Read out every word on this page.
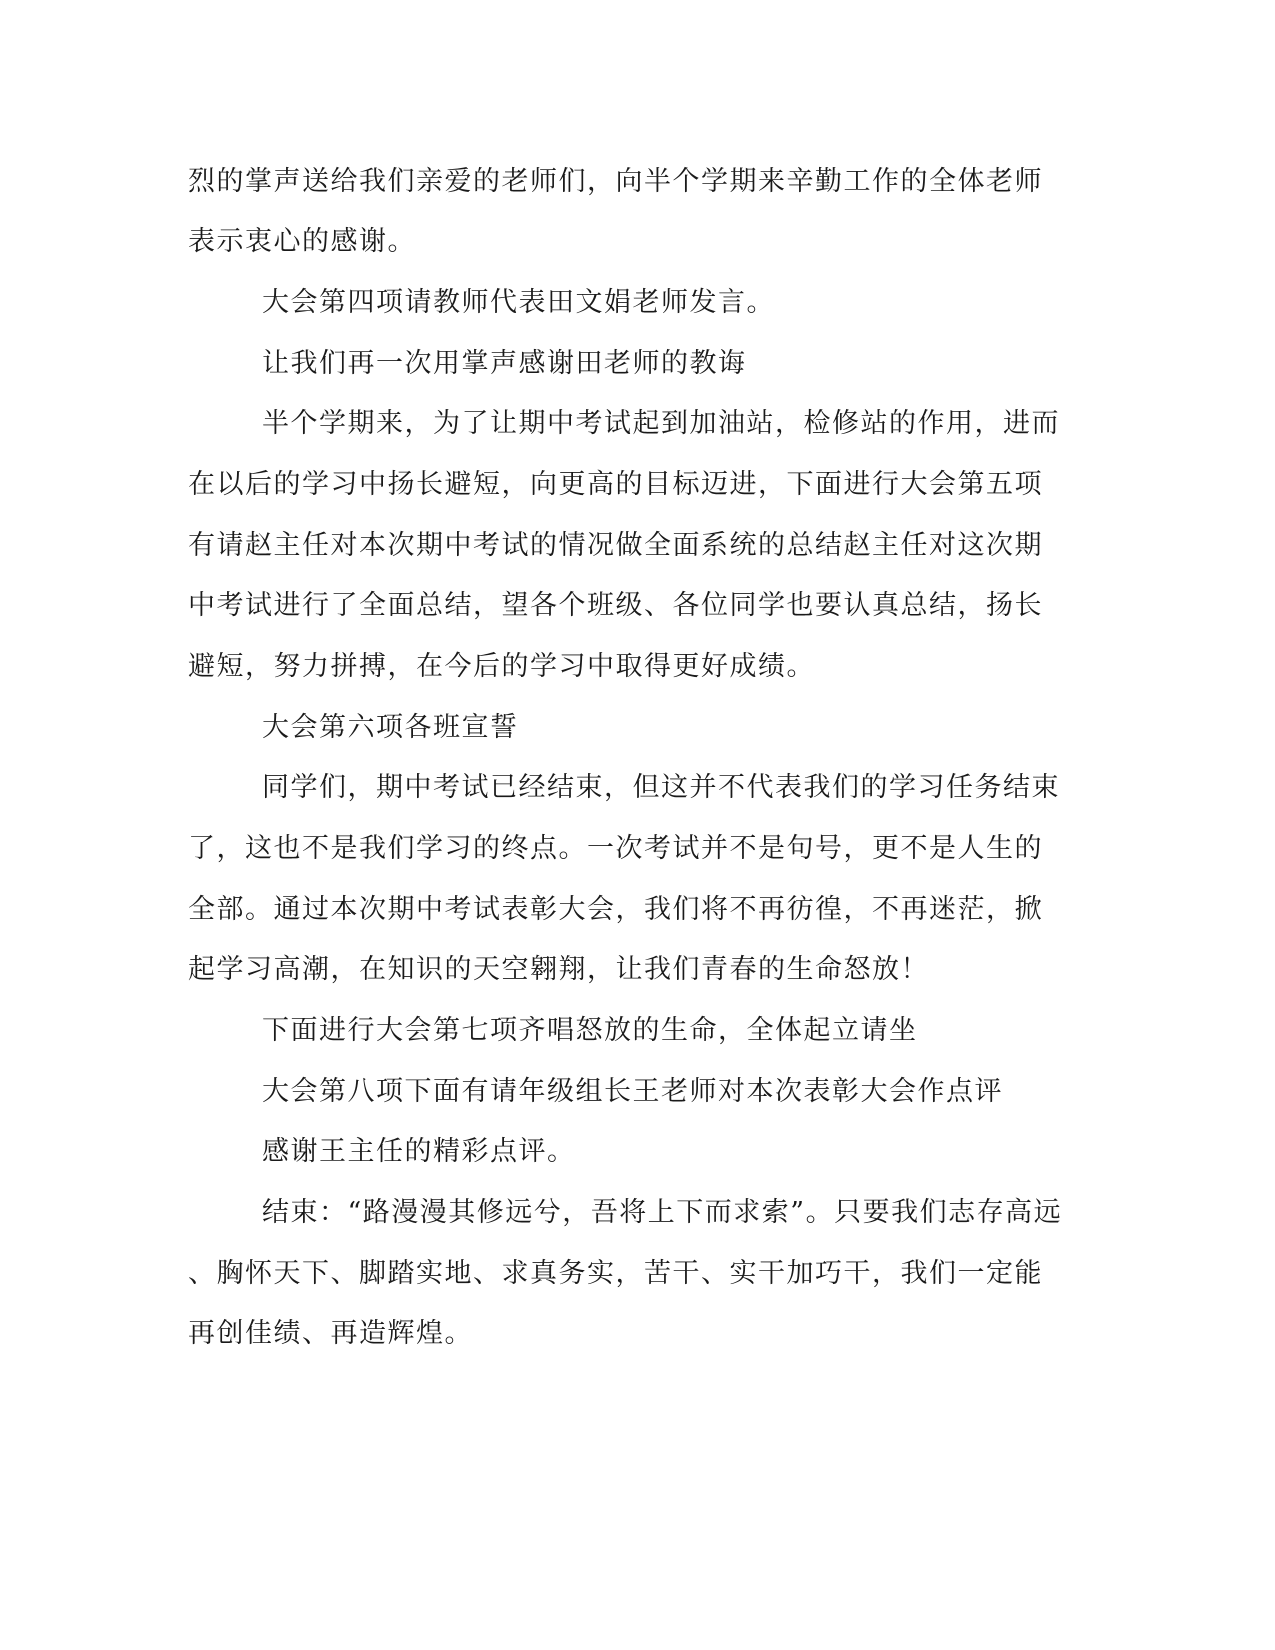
烈的掌声送给我们亲爱的老师们，向半个学期来辛勤工作的全体老师

表示衷心的感谢。

大会第四项请教师代表田文娟老师发言。

让我们再一次用掌声感谢田老师的教诲

半个学期来，为了让期中考试起到加油站，检修站的作用，进而

在以后的学习中扬长避短，向更高的目标迈进，下面进行大会第五项

有请赵主任对本次期中考试的情况做全面系统的总结赵主任对这次期

中考试进行了全面总结，望各个班级、各位同学也要认真总结，扬长

避短，努力拼搏，在今后的学习中取得更好成绩。

大会第六项各班宣誓

同学们，期中考试已经结束，但这并不代表我们的学习任务结束

了，这也不是我们学习的终点。一次考试并不是句号，更不是人生的

全部。通过本次期中考试表彰大会，我们将不再彷徨，不再迷茫，掀

起学习高潮，在知识的天空翱翔，让我们青春的生命怒放！

下面进行大会第七项齐唱怒放的生命，全体起立请坐

大会第八项下面有请年级组长王老师对本次表彰大会作点评

感谢王主任的精彩点评。

结束：“路漫漫其修远兮，吾将上下而求索”。只要我们志存高远

、胸怀天下、脚踏实地、求真务实，苦干、实干加巧干，我们一定能

再创佳绩、再造辉煌。
